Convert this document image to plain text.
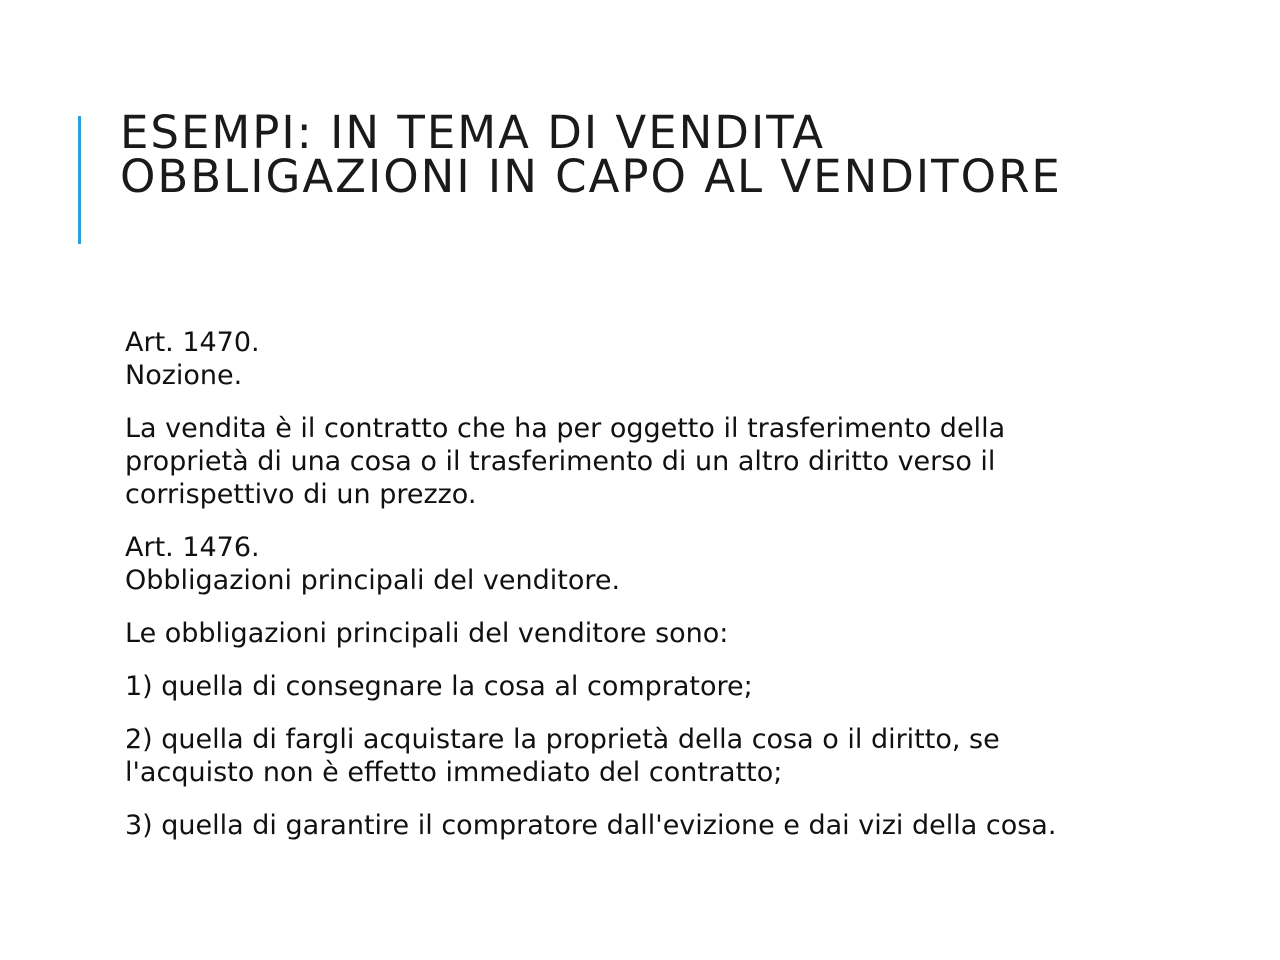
ESEMPI: IN TEMA DI VENDITA
OBBLIGAZIONI IN CAPO AL VENDITORE

Art. 1470.
Nozione.

La vendita è il contratto che ha per oggetto il trasferimento della proprietà di una cosa o il trasferimento di un altro diritto verso il corrispettivo di un prezzo.

Art. 1476.
Obbligazioni principali del venditore.

Le obbligazioni principali del venditore sono:

1) quella di consegnare la cosa al compratore;

2) quella di fargli acquistare la proprietà della cosa o il diritto, se l'acquisto non è effetto immediato del contratto;

3) quella di garantire il compratore dall'evizione e dai vizi della cosa.
